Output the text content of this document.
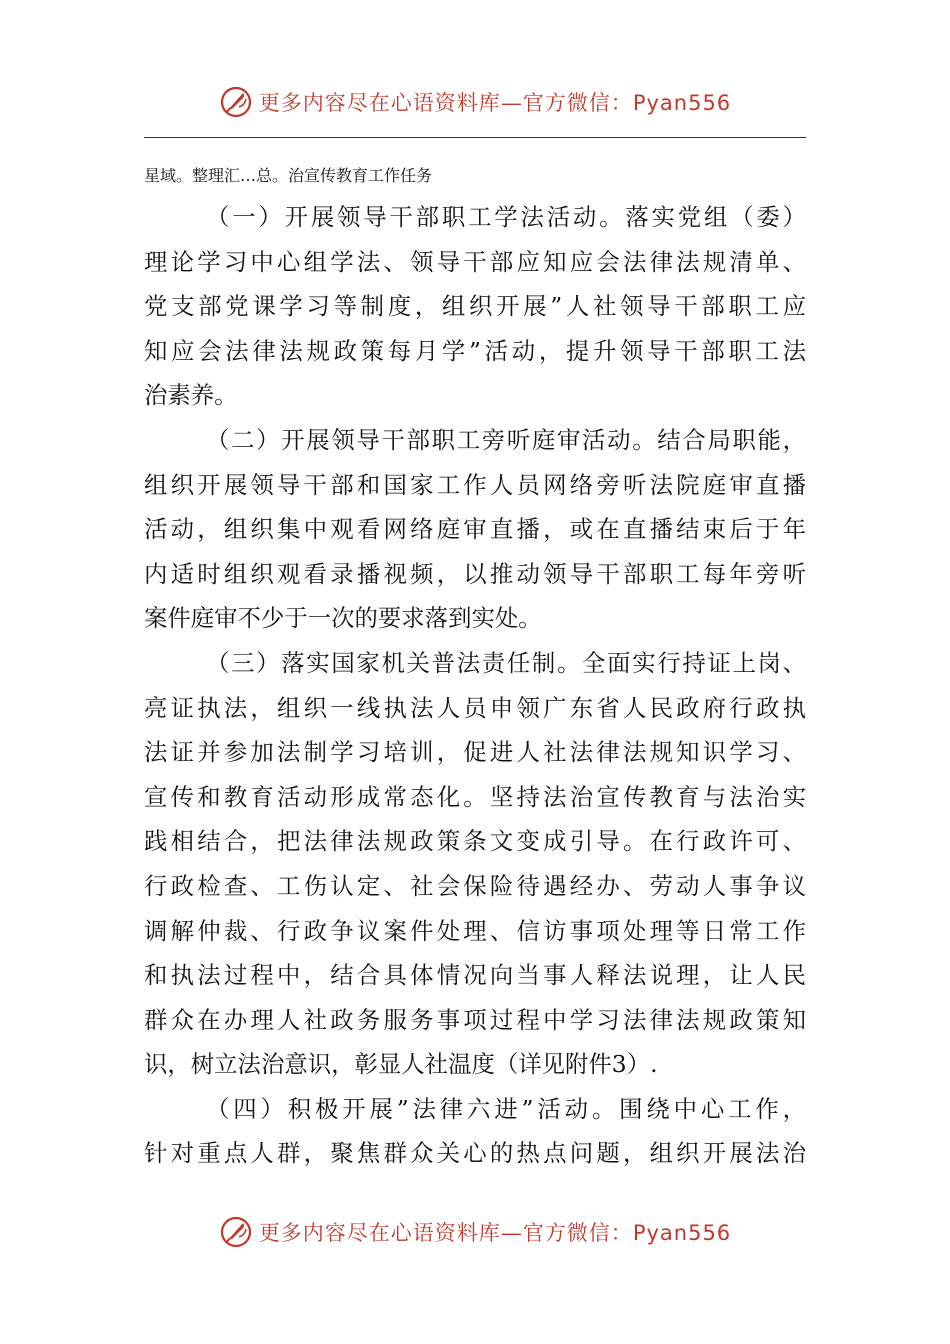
更多内容尽在心语资料库—官方微信：Pyan556
星域。整理汇…总。治宣传教育工作任务
（一）开展领导干部职工学法活动。落实党组（委）
理论学习中心组学法、领导干部应知应会法律法规清单、
党支部党课学习等制度，组织开展”人社领导干部职工应
知应会法律法规政策每月学”活动，提升领导干部职工法
治素养。
（二）开展领导干部职工旁听庭审活动。结合局职能，
组织开展领导干部和国家工作人员网络旁听法院庭审直播
活动，组织集中观看网络庭审直播，或在直播结束后于年
内适时组织观看录播视频，以推动领导干部职工每年旁听
案件庭审不少于一次的要求落到实处。
（三）落实国家机关普法责任制。全面实行持证上岗、
亮证执法，组织一线执法人员申领广东省人民政府行政执
法证并参加法制学习培训，促进人社法律法规知识学习、
宣传和教育活动形成常态化。坚持法治宣传教育与法治实
践相结合，把法律法规政策条文变成引导。在行政许可、
行政检查、工伤认定、社会保险待遇经办、劳动人事争议
调解仲裁、行政争议案件处理、信访事项处理等日常工作
和执法过程中，结合具体情况向当事人释法说理，让人民
群众在办理人社政务服务事项过程中学习法律法规政策知
识，树立法治意识，彰显人社温度（详见附件3）.
（四）积极开展”法律六进”活动。围绕中心工作，
针对重点人群，聚焦群众关心的热点问题，组织开展法治
更多内容尽在心语资料库—官方微信：Pyan556
